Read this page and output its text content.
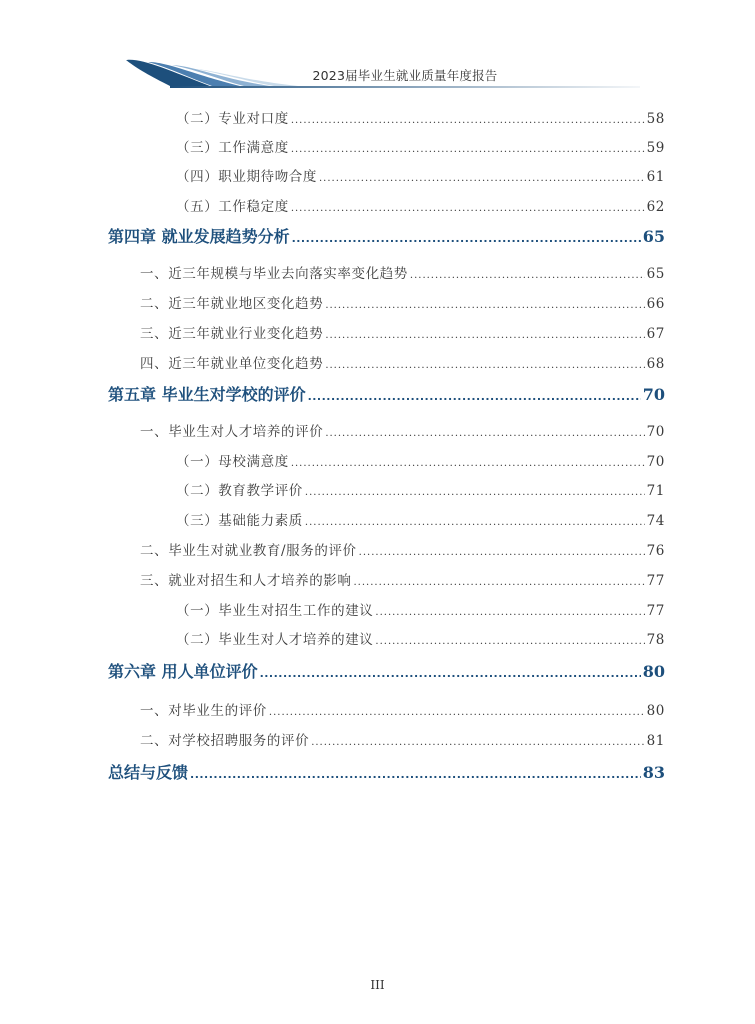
2023届毕业生就业质量年度报告
（二）专业对口度 .....	58
（三）工作满意度 .....	59
（四）职业期待吻合度 .....	61
（五）工作稳定度 .....	62
第四章 就业发展趋势分析 .....	65
一、近三年规模与毕业去向落实率变化趋势 .....	65
二、近三年就业地区变化趋势 .....	66
三、近三年就业行业变化趋势 .....	67
四、近三年就业单位变化趋势 .....	68
第五章 毕业生对学校的评价 .....	70
一、毕业生对人才培养的评价 .....	70
（一）母校满意度 .....	70
（二）教育教学评价 .....	71
（三）基础能力素质 .....	74
二、毕业生对就业教育/服务的评价 .....	76
三、就业对招生和人才培养的影响 .....	77
（一）毕业生对招生工作的建议 .....	77
（二）毕业生对人才培养的建议 .....	78
第六章 用人单位评价 .....	80
一、对毕业生的评价 .....	80
二、对学校招聘服务的评价 .....	81
总结与反馈 .....	83
III
